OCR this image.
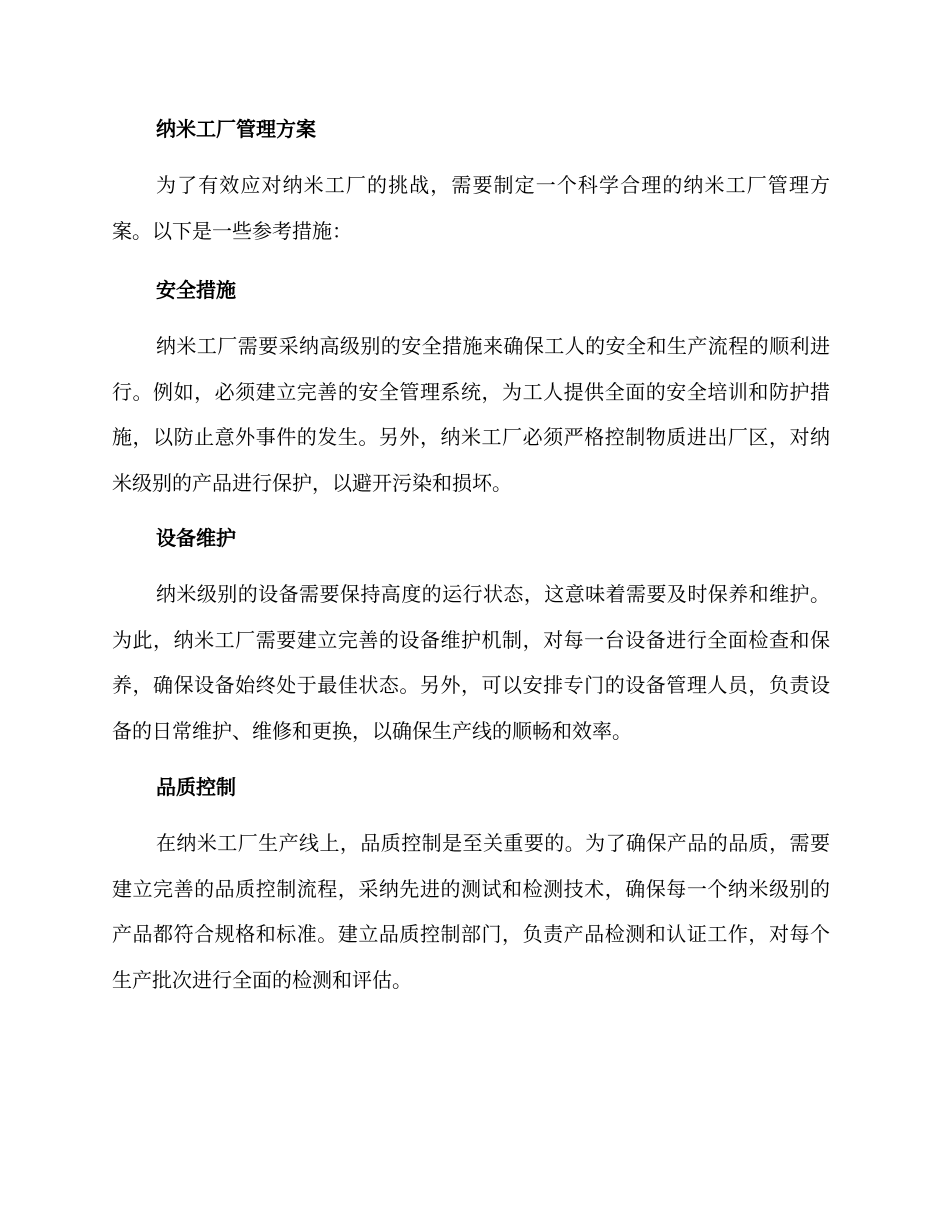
纳米工厂管理方案

为了有效应对纳米工厂的挑战，需要制定一个科学合理的纳米工厂管理方案。以下是一些参考措施：

安全措施

纳米工厂需要采纳高级别的安全措施来确保工人的安全和生产流程的顺利进行。例如，必须建立完善的安全管理系统，为工人提供全面的安全培训和防护措施，以防止意外事件的发生。另外，纳米工厂必须严格控制物质进出厂区，对纳米级别的产品进行保护，以避开污染和损坏。

设备维护

纳米级别的设备需要保持高度的运行状态，这意味着需要及时保养和维护。为此，纳米工厂需要建立完善的设备维护机制，对每一台设备进行全面检查和保养，确保设备始终处于最佳状态。另外，可以安排专门的设备管理人员，负责设备的日常维护、维修和更换，以确保生产线的顺畅和效率。

品质控制

在纳米工厂生产线上，品质控制是至关重要的。为了确保产品的品质，需要建立完善的品质控制流程，采纳先进的测试和检测技术，确保每一个纳米级别的产品都符合规格和标准。建立品质控制部门，负责产品检测和认证工作，对每个生产批次进行全面的检测和评估。
